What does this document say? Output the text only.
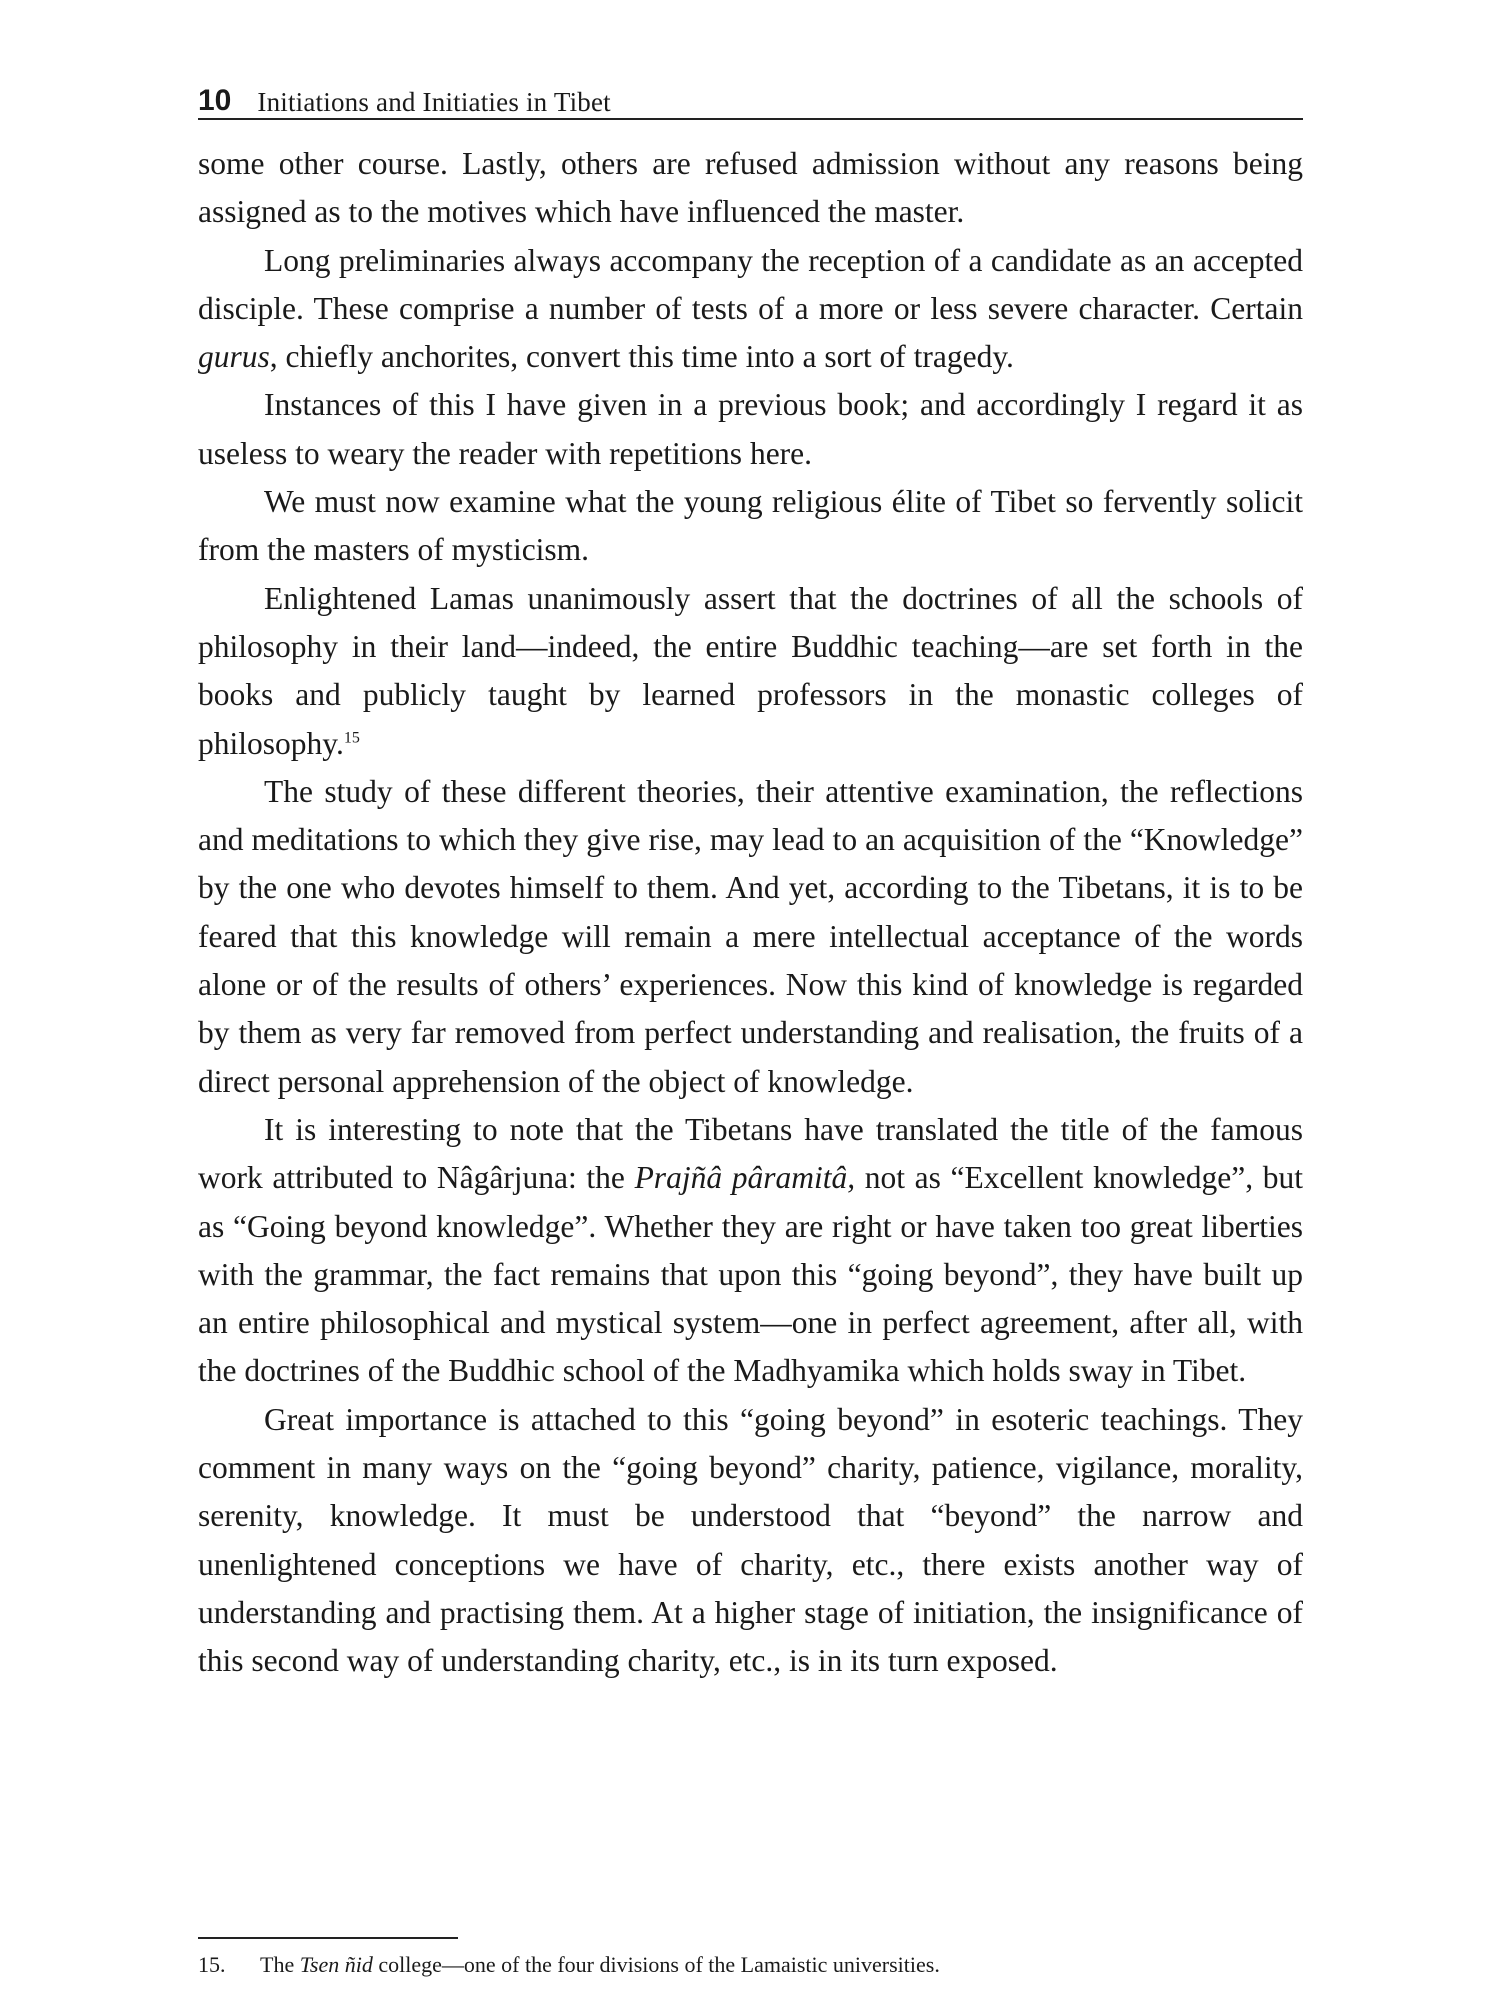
10 Initiations and Initiaties in Tibet

some other course. Lastly, others are refused admission without any reasons being assigned as to the motives which have influenced the master.

Long preliminaries always accompany the reception of a candidate as an accepted disciple. These comprise a number of tests of a more or less severe character. Certain gurus, chiefly anchorites, convert this time into a sort of tragedy.

Instances of this I have given in a previous book; and accordingly I regard it as useless to weary the reader with repetitions here.

We must now examine what the young religious élite of Tibet so fervently solicit from the masters of mysticism.

Enlightened Lamas unanimously assert that the doctrines of all the schools of philosophy in their land—indeed, the entire Buddhic teaching—are set forth in the books and publicly taught by learned professors in the monastic colleges of philosophy.$^{15}$

The study of these different theories, their attentive examination, the reflections and meditations to which they give rise, may lead to an acquisition of the “Knowledge” by the one who devotes himself to them. And yet, according to the Tibetans, it is to be feared that this knowledge will remain a mere intellectual acceptance of the words alone or of the results of others’ experiences. Now this kind of knowledge is regarded by them as very far removed from perfect understanding and realisation, the fruits of a direct personal apprehension of the object of knowledge.

It is interesting to note that the Tibetans have translated the title of the famous work attributed to Nâgârjuna: the Prajñâ pâramitâ, not as “Excellent knowledge”, but as “Going beyond knowledge”. Whether they are right or have taken too great liberties with the grammar, the fact remains that upon this “going beyond”, they have built up an entire philosophical and mystical system—one in perfect agreement, after all, with the doctrines of the Buddhic school of the Madhyamika which holds sway in Tibet.

Great importance is attached to this “going beyond” in esoteric teachings. They comment in many ways on the “going beyond” charity, patience, vigilance, morality, serenity, knowledge. It must be understood that “beyond” the narrow and unenlightened conceptions we have of charity, etc., there exists another way of understanding and practising them. At a higher stage of initiation, the insignificance of this second way of understanding charity, etc., is in its turn exposed.

15. The Tsen ñid college—one of the four divisions of the Lamaistic universities.
